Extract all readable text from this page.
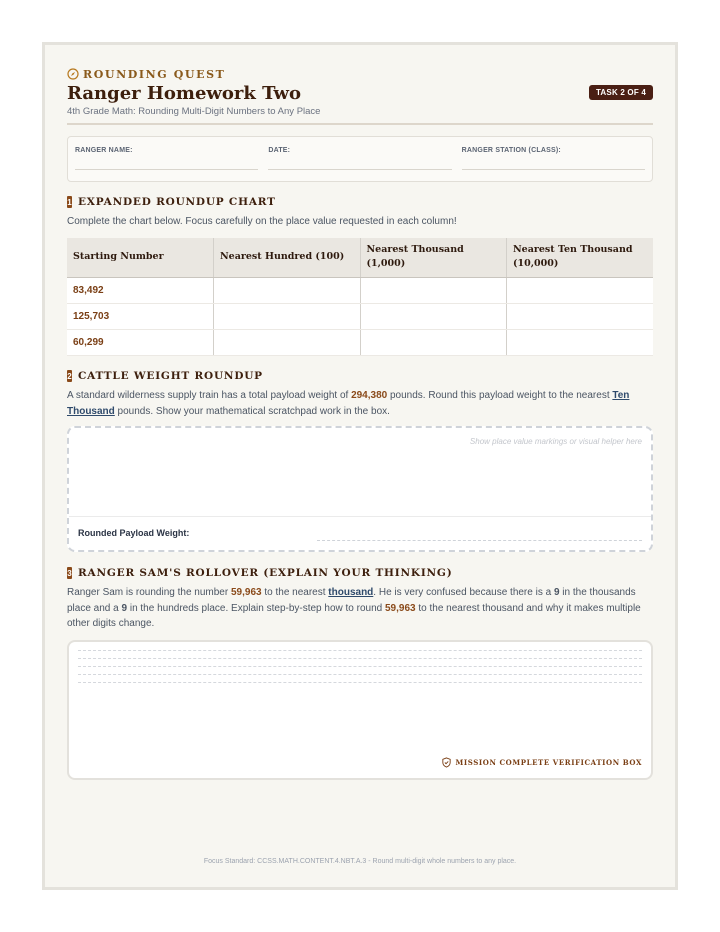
ROUNDING QUEST
Ranger Homework Two	TASK 2 OF 4
4th Grade Math: Rounding Multi-Digit Numbers to Any Place
RANGER NAME:	DATE:	RANGER STATION (CLASS):
1 EXPANDED ROUNDUP CHART
Complete the chart below. Focus carefully on the place value requested in each column!
Starting Number	Nearest Hundred (100)	Nearest Thousand (1,000)	Nearest Ten Thousand (10,000)
83,492			
125,703			
60,299			
2 CATTLE WEIGHT ROUNDUP
A standard wilderness supply train has a total payload weight of 294,380 pounds. Round this payload weight to the nearest Ten Thousand pounds. Show your mathematical scratchpad work in the box.
Show place value markings or visual helper here
Rounded Payload Weight:
3 RANGER SAM'S ROLLOVER (EXPLAIN YOUR THINKING)
Ranger Sam is rounding the number 59,963 to the nearest thousand. He is very confused because there is a 9 in the thousands place and a 9 in the hundreds place. Explain step-by-step how to round 59,963 to the nearest thousand and why it makes multiple other digits change.
MISSION COMPLETE VERIFICATION BOX
Focus Standard: CCSS.MATH.CONTENT.4.NBT.A.3 - Round multi-digit whole numbers to any place.
